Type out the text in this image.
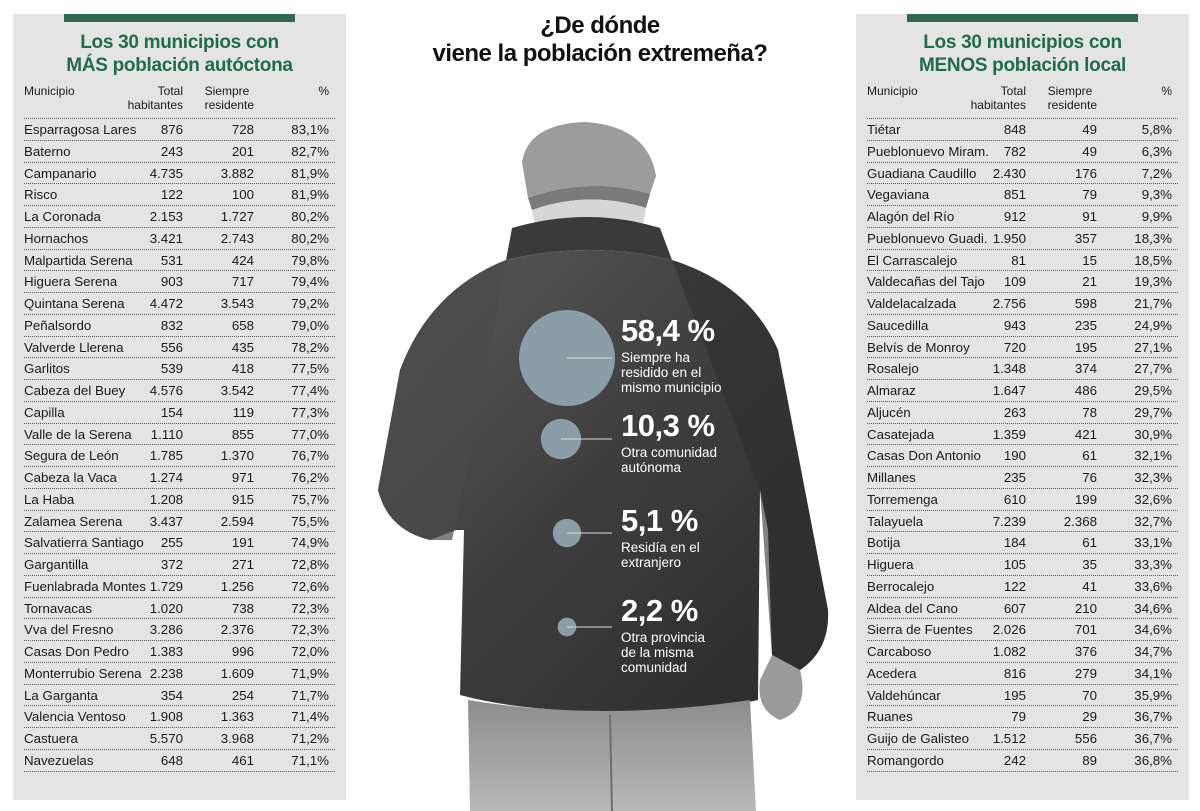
Los 30 municipios con
MÁS población autóctona
Municipio	Total
habitantes
Siempre
residente
%
Esparragosa Lares 876	728	83,1%
Baterno	243	201	82,7%
Campanario	4.735	3.882	81,9%
Risco	122	100	81,9%
La Coronada	2.153	1.727	80,2%
Hornachos	3.421	2.743	80,2%
Malpartida Serena 531	424	79,8%
Higuera Serena	903	717	79,4%
Quintana Serena 4.472	3.543	79,2%
Peñalsordo	832	658	79,0%
Valverde Llerena	556	435	78,2%
Garlitos	539	418	77,5%
Cabeza del Buey 4.576	3.542	77,4%
Capilla	154	119	77,3%
Valle de la Serena 1.110	855	77,0%
Segura de León 1.785	1.370	76,7%
Cabeza la Vaca 1.274	971	76,2%
La Haba	1.208	915	75,7%
Zalamea Serena 3.437	2.594	75,5%
Salvatierra Santiago 255	191	74,9%
Gargantilla	372	271	72,8%
Fuenlabrada Montes 1.729	1.256	72,6%
Tornavacas	1.020	738	72,3%
Vva del Fresno	3.286	2.376	72,3%
Casas Don Pedro 1.383	996	72,0%
Monterrubio Serena 2.238	1.609	71,9%
La Garganta	354	254	71,7%
Valencia Ventoso 1.908	1.363	71,4%
Castuera	5.570	3.968	71,2%
Navezuelas	648	461	71,1%
Los 30 municipios con
MENOS población local
Municipio	Total
habitantes
Siempre
residente
%
Tiétar	848	49	5,8%
Pueblonuevo Miram. 782	49	6,3%
Guadiana Caudillo 2.430	176	7,2%
Vegaviana	851	79	9,3%
Alagón del Río	912	91	9,9%
Pueblonuevo Guadi. 1.950	357	18,3%
El Carrascalejo	81	15	18,5%
Valdecañas del Tajo 109	21	19,3%
Valdelacalzada	2.756	598	21,7%
Saucedilla	943	235	24,9%
Belvís de Monroy	720	195	27,1%
Rosalejo	1.348	374	27,7%
Almaraz	1.647	486	29,5%
Aljucén	263	78	29,7%
Casatejada	1.359	421	30,9%
Casas Don Antonio 190	61	32,1%
Millanes	235	76	32,3%
Torremenga	610	199	32,6%
Talayuela	7.239	2.368	32,7%
Botija	184	61	33,1%
Higuera	105	35	33,3%
Berrocalejo	122	41	33,6%
Aldea del Cano	607	210	34,6%
Sierra de Fuentes 2.026	701	34,6%
Carcaboso	1.082	376	34,7%
Acedera	816	279	34,1%
Valdehúncar	195	70	35,9%
Ruanes	79	29	36,7%
Guijo de Galisteo 1.512	556	36,7%
Romangordo	242	89	36,8%
¿De dónde
viene la población extremeña?
58,4 %
Siempre ha
residido en el
mismo municipio
10,3 %
Otra comunidad
autónoma
5,1 %
Residía en el
extranjero
2,2 %
Otra provincia
de la misma
comunidad
